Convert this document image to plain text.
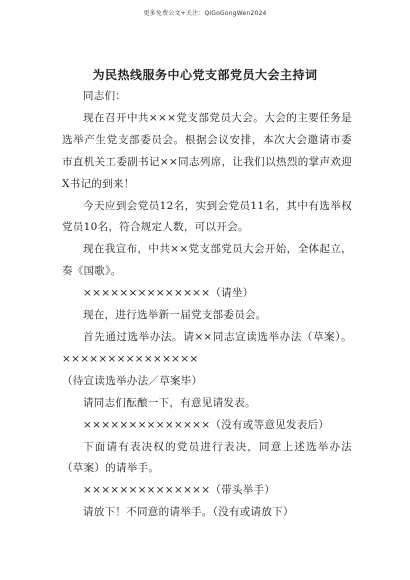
更多免费公文+关注：QiGoGongWen2024
为民热线服务中心党支部党员大会主持词

同志们：

现在召开中共×××党支部党员大会。大会的主要任务是选举产生党支部委员会。根据会议安排，本次大会邀请市委市直机关工委副书记××同志列席，让我们以热烈的掌声欢迎X书记的到来！

今天应到会党员12名，实到会党员11名，其中有选举权党员10名，符合规定人数，可以开会。

现在我宣布，中共××党支部党员大会开始，全体起立，奏《国歌》。

××××××××××××××（请坐）

现在，进行选举新一届党支部委员会。

首先通过选举办法。请××同志宣读选举办法（草案）。×××××××××××××××

（待宣读选举办法／草案毕）

请同志们酝酿一下，有意见请发表。

××××××××××××××（没有或等意见发表后）

下面请有表决权的党员进行表决，同意上述选举办法（草案）的请举手。

××××××××××××××（带头举手）

请放下！不同意的请举手。（没有或请放下）
